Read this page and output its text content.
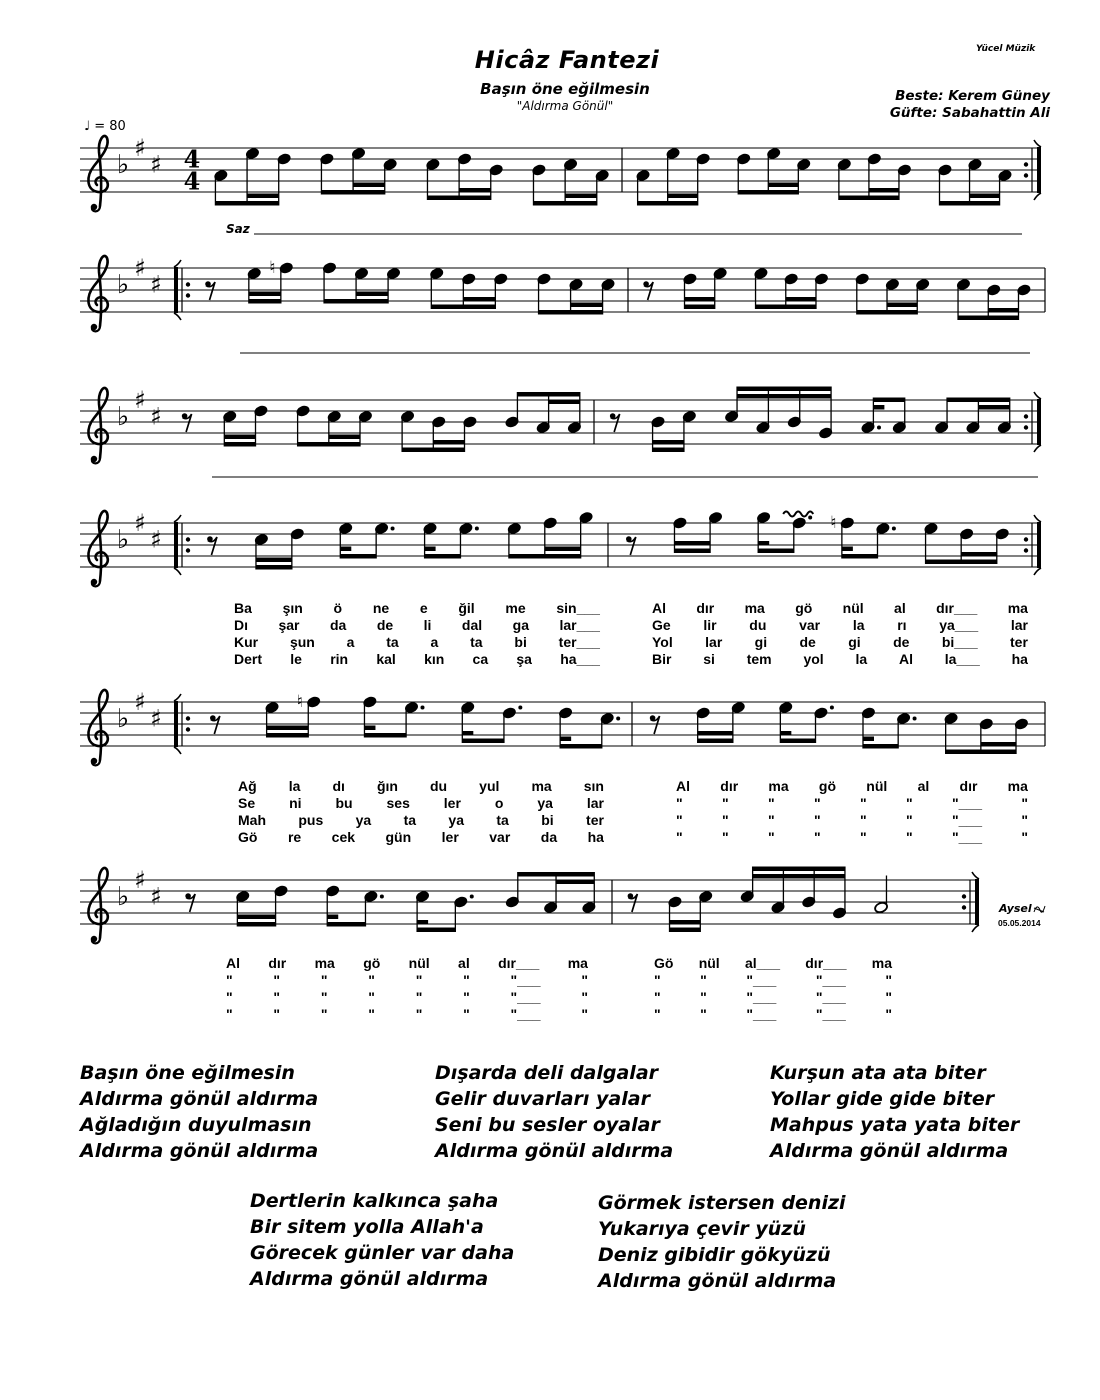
♭
♯
♯ 4
4
♭
♯
♯
♮
♭
♯
♯
♭
♯
♯
♮
♭
♯
♯
♮
♭
♯
♯
Hicâz Fantezi
Başın öne eğilmesin
"Aldırma Gönül"
Yücel Müzik
Beste: Kerem Güney
Güfte: Sabahattin Ali
♩ = 80
Saz
Aysel
05.05.2014
Ba şın ö ne e ğil me sin___	Al dır ma gö nül al dır___ ma
Dı şar da de li dal ga lar___	Ge lir du var la rı ya___ lar
Kur şun a ta a ta bi ter___	Yol lar gi de gi de bi___ ter
Dert le rin kal kın ca şa ha___	Bir si tem yol la Al la___ ha
Ağ la dı ğın du yul ma sın	Al dır ma gö nül al dır ma
Se ni bu ses ler o ya lar	"	"	"	"	"	"	"___	"
Mah pus ya ta ya ta bi ter	"	"	"	"	"	"	"___	"
Gö re cek gün ler var da ha	"	"	"	"	"	"	"___	"
Al dır ma gö nül al dır___ ma	Gö nül al___ dır___ ma
"	"	"	"	"	"	"___	"	"	"	"___	"___	"
"	"	"	"	"	"	"___	"	"	"	"___	"___	"
"	"	"	"	"	"	"___	"	"	"	"___	"___	"
Başın öne eğilmesin
Aldırma gönül aldırma
Ağladığın duyulmasın
Aldırma gönül aldırma
Dışarda deli dalgalar
Gelir duvarları yalar
Seni bu sesler oyalar
Aldırma gönül aldırma
Kurşun ata ata biter
Yollar gide gide biter
Mahpus yata yata biter
Aldırma gönül aldırma
Dertlerin kalkınca şaha
Bir sitem yolla Allah'a
Görecek günler var daha
Aldırma gönül aldırma
Görmek istersen denizi
Yukarıya çevir yüzü
Deniz gibidir gökyüzü
Aldırma gönül aldırma
